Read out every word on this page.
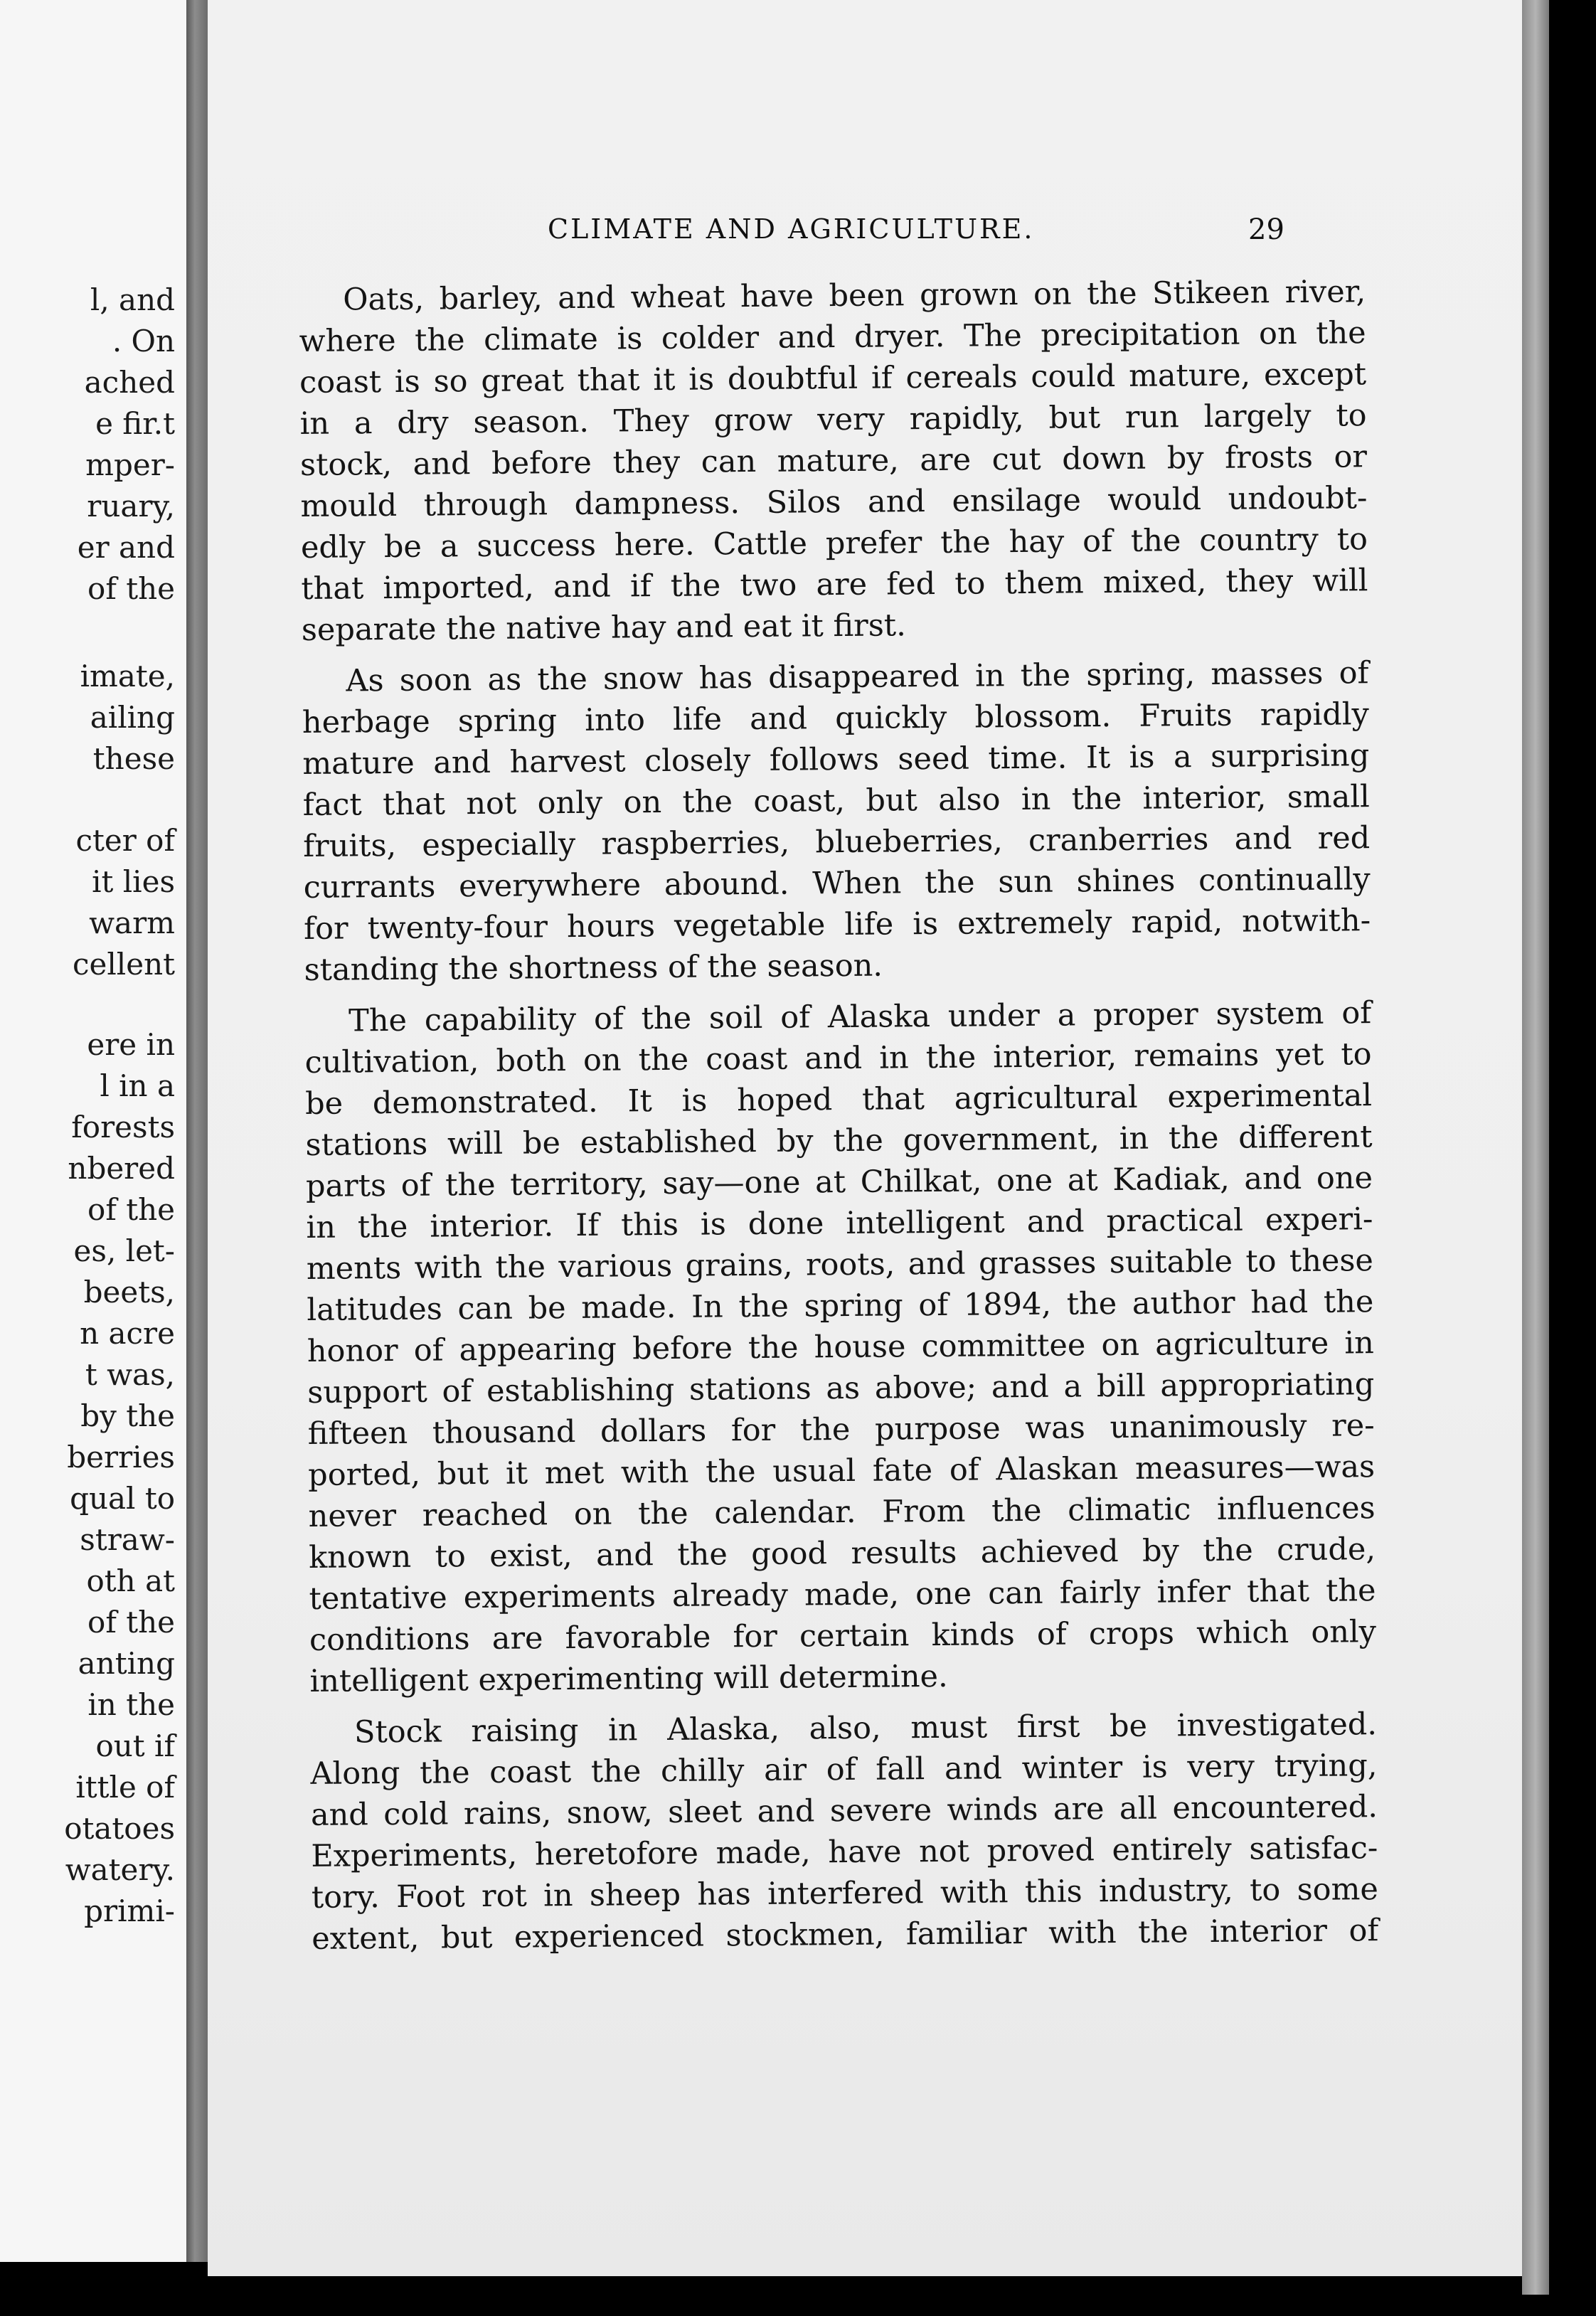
l, and
. On
ached
e fir.t
mper-
ruary,
er and
of the
imate,
ailing
these
cter of
it lies
warm
cellent
ere in
l in a
forests
nbered
of the
es, let-
beets,
n acre
t was,
by the
berries
qual to
straw-
oth at
of the
anting
in the
out if
ittle of
otatoes
watery.
primi-
CLIMATE AND AGRICULTURE.	29
Oats, barley, and wheat have been grown on the Stikeen river,
where the climate is colder and dryer. The precipitation on the
coast is so great that it is doubtful if cereals could mature, except
in a dry season. They grow very rapidly, but run largely to
stock, and before they can mature, are cut down by frosts or
mould through dampness. Silos and ensilage would undoubt-
edly be a success here. Cattle prefer the hay of the country to
that imported, and if the two are fed to them mixed, they will
separate the native hay and eat it first.
As soon as the snow has disappeared in the spring, masses of
herbage spring into life and quickly blossom. Fruits rapidly
mature and harvest closely follows seed time. It is a surprising
fact that not only on the coast, but also in the interior, small
fruits, especially raspberries, blueberries, cranberries and red
currants everywhere abound. When the sun shines continually
for twenty-four hours vegetable life is extremely rapid, notwith-
standing the shortness of the season.
The capability of the soil of Alaska under a proper system of
cultivation, both on the coast and in the interior, remains yet to
be demonstrated. It is hoped that agricultural experimental
stations will be established by the government, in the different
parts of the territory, say—one at Chilkat, one at Kadiak, and one
in the interior. If this is done intelligent and practical experi-
ments with the various grains, roots, and grasses suitable to these
latitudes can be made. In the spring of 1894, the author had the
honor of appearing before the house committee on agriculture in
support of establishing stations as above; and a bill appropriating
fifteen thousand dollars for the purpose was unanimously re-
ported, but it met with the usual fate of Alaskan measures—was
never reached on the calendar. From the climatic influences
known to exist, and the good results achieved by the crude,
tentative experiments already made, one can fairly infer that the
conditions are favorable for certain kinds of crops which only
intelligent experimenting will determine.
Stock raising in Alaska, also, must first be investigated.
Along the coast the chilly air of fall and winter is very trying,
and cold rains, snow, sleet and severe winds are all encountered.
Experiments, heretofore made, have not proved entirely satisfac-
tory. Foot rot in sheep has interfered with this industry, to some
extent, but experienced stockmen, familiar with the interior of
